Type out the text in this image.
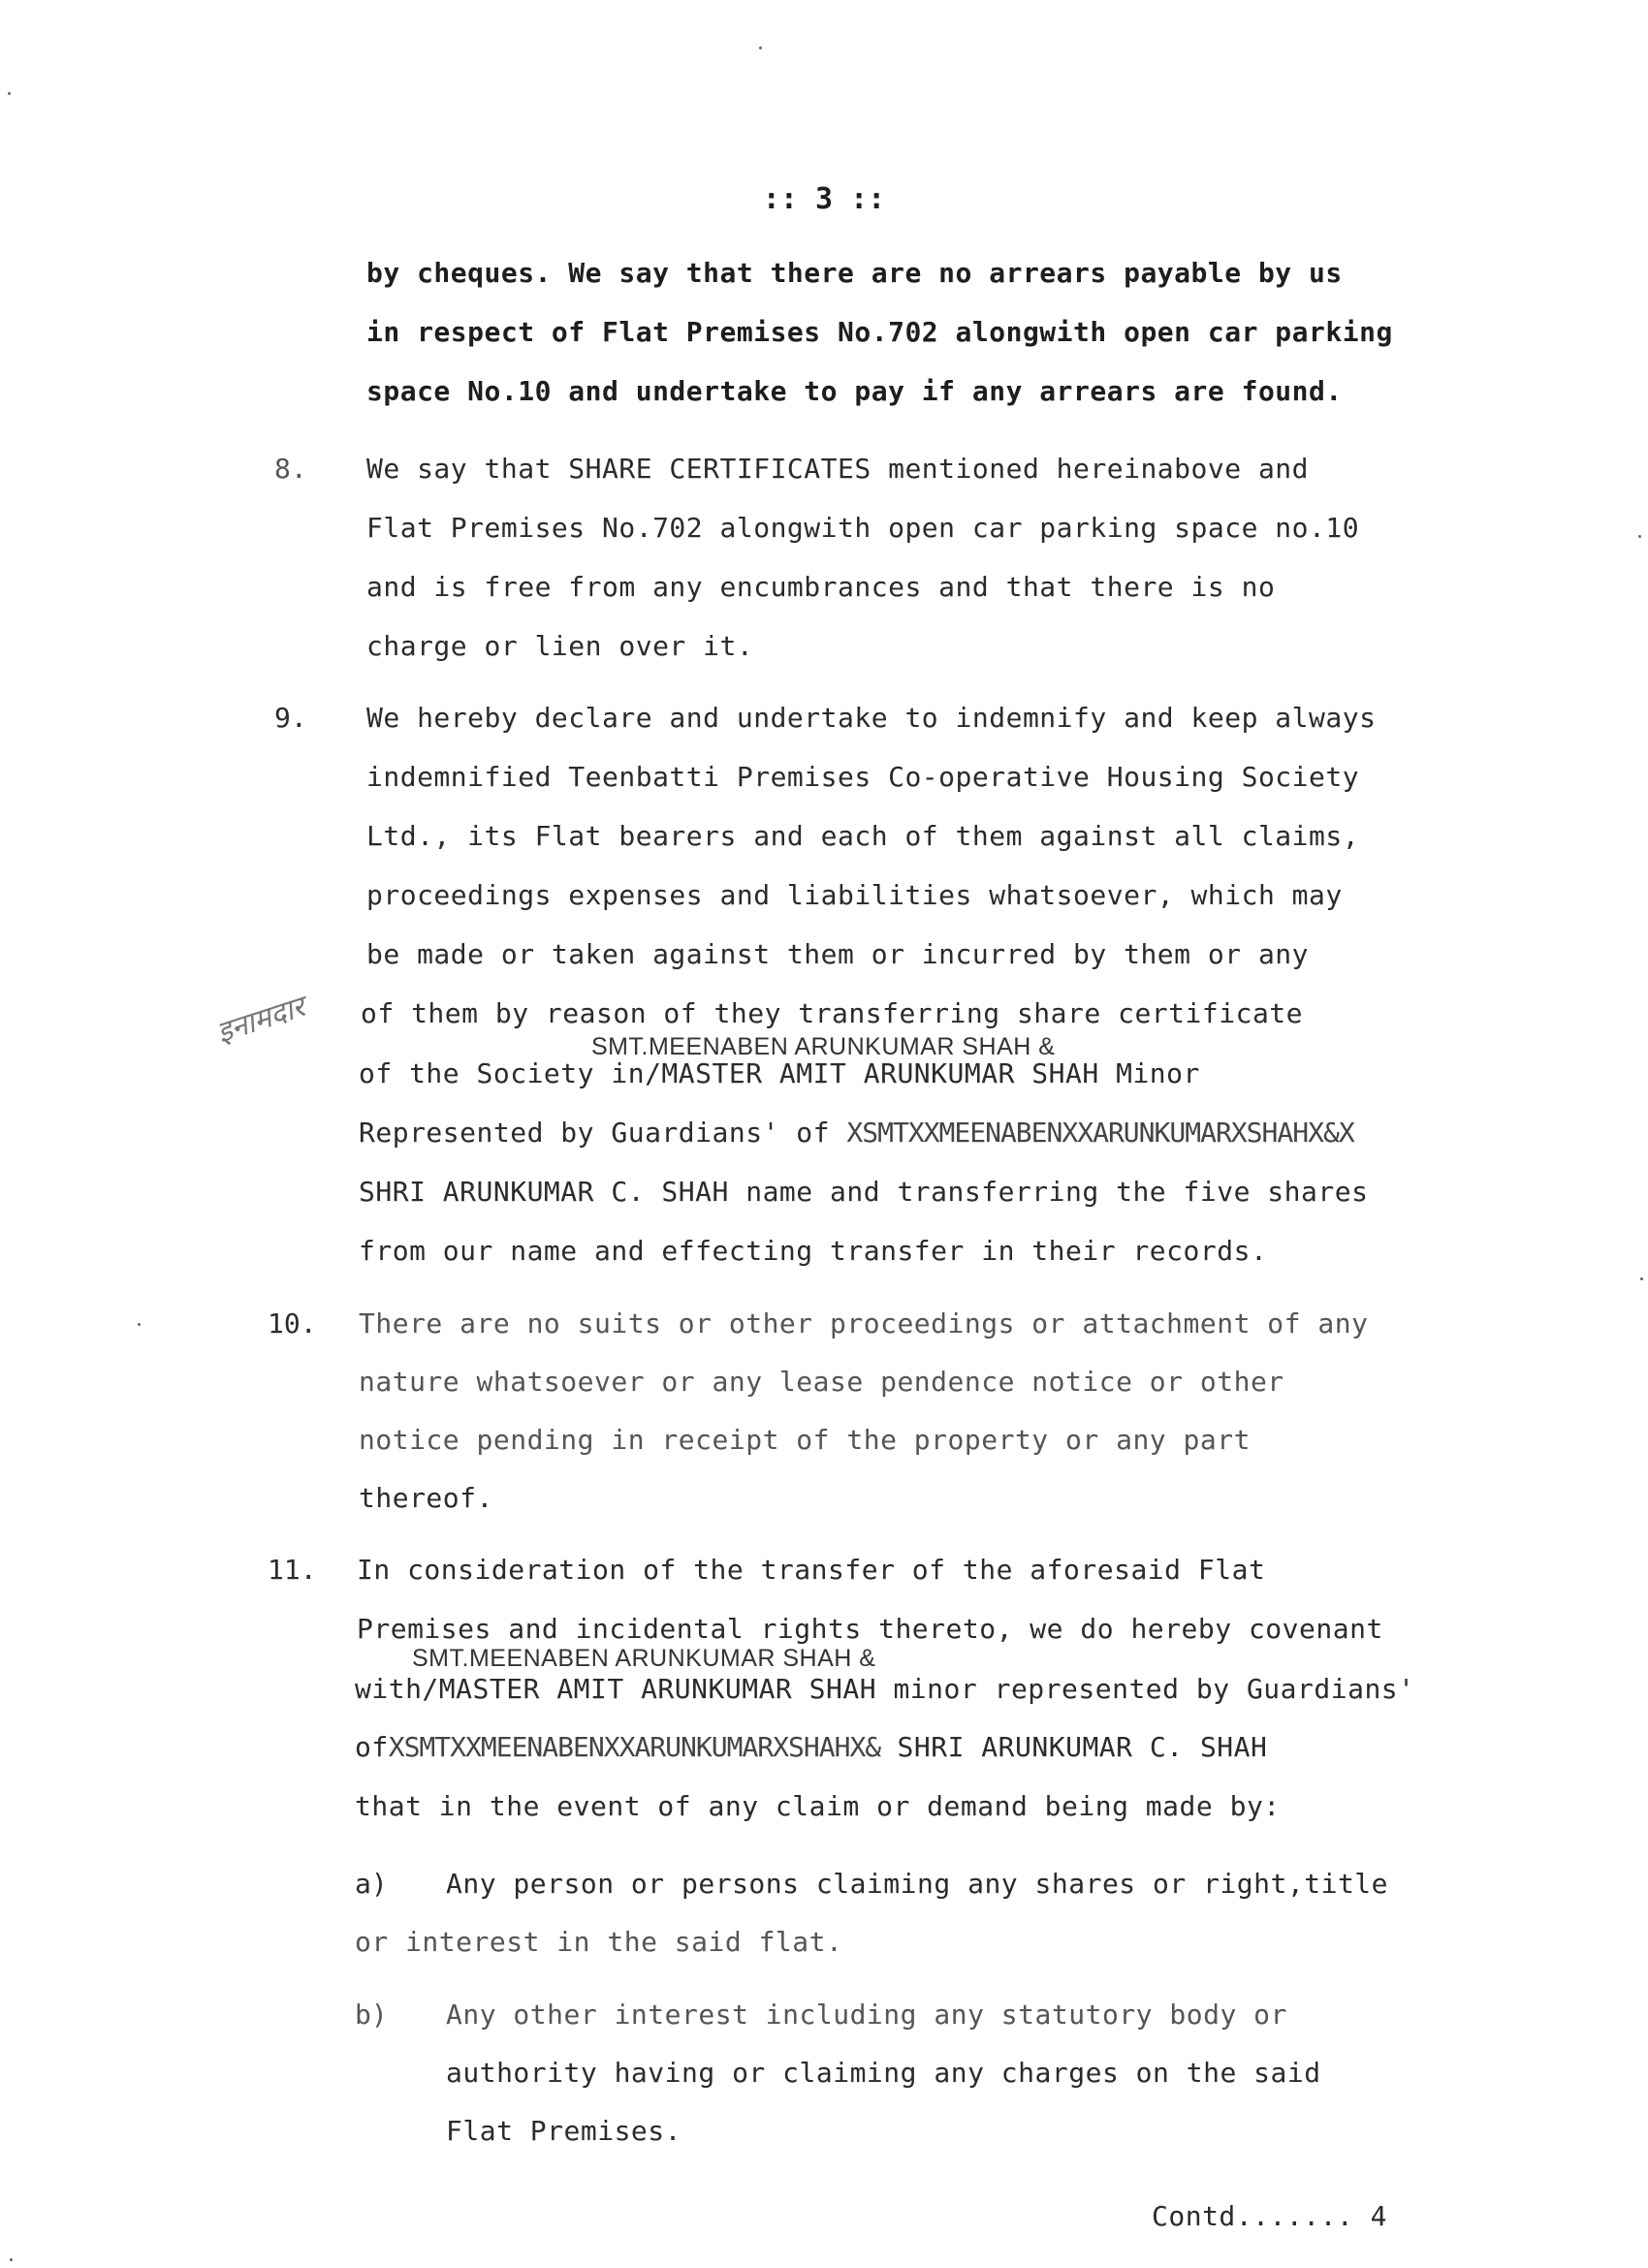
:: 3 ::
by cheques. We say that there are no arrears payable by us
in respect of Flat Premises No.702 alongwith open car parking
space No.10 and undertake to pay if any arrears are found.
8. We say that SHARE CERTIFICATES mentioned hereinabove and
Flat Premises No.702 alongwith open car parking space no.10
and is free from any encumbrances and that there is no
charge or lien over it.
9. We hereby declare and undertake to indemnify and keep always
indemnified Teenbatti Premises Co-operative Housing Society
Ltd., its Flat bearers and each of them against all claims,
proceedings expenses and liabilities whatsoever, which may
be made or taken against them or incurred by them or any
of them by reason of they transferring share certificate
इनामदार	SMT.MEENABEN ARUNKUMAR SHAH &
of the Society in/MASTER AMIT ARUNKUMAR SHAH Minor
Represented by Guardians' of XSMTXXMEENABENXXARUNKUMARXSHAHX&X
SHRI ARUNKUMAR C. SHAH name and transferring the five shares
from our name and effecting transfer in their records.
10. There are no suits or other proceedings or attachment of any
nature whatsoever or any lease pendence notice or other
notice pending in receipt of the property or any part
thereof.
11. In consideration of the transfer of the aforesaid Flat
Premises and incidental rights thereto, we do hereby covenant
SMT.MEENABEN ARUNKUMAR SHAH &
with/MASTER AMIT ARUNKUMAR SHAH minor represented by Guardians'
ofXSMTXXMEENABENXXARUNKUMARXSHAHX& SHRI ARUNKUMAR C. SHAH
that in the event of any claim or demand being made by:
a) Any person or persons claiming any shares or right,title
or interest in the said flat.
b) Any other interest including any statutory body or
authority having or claiming any charges on the said
Flat Premises.
Contd....... 4
